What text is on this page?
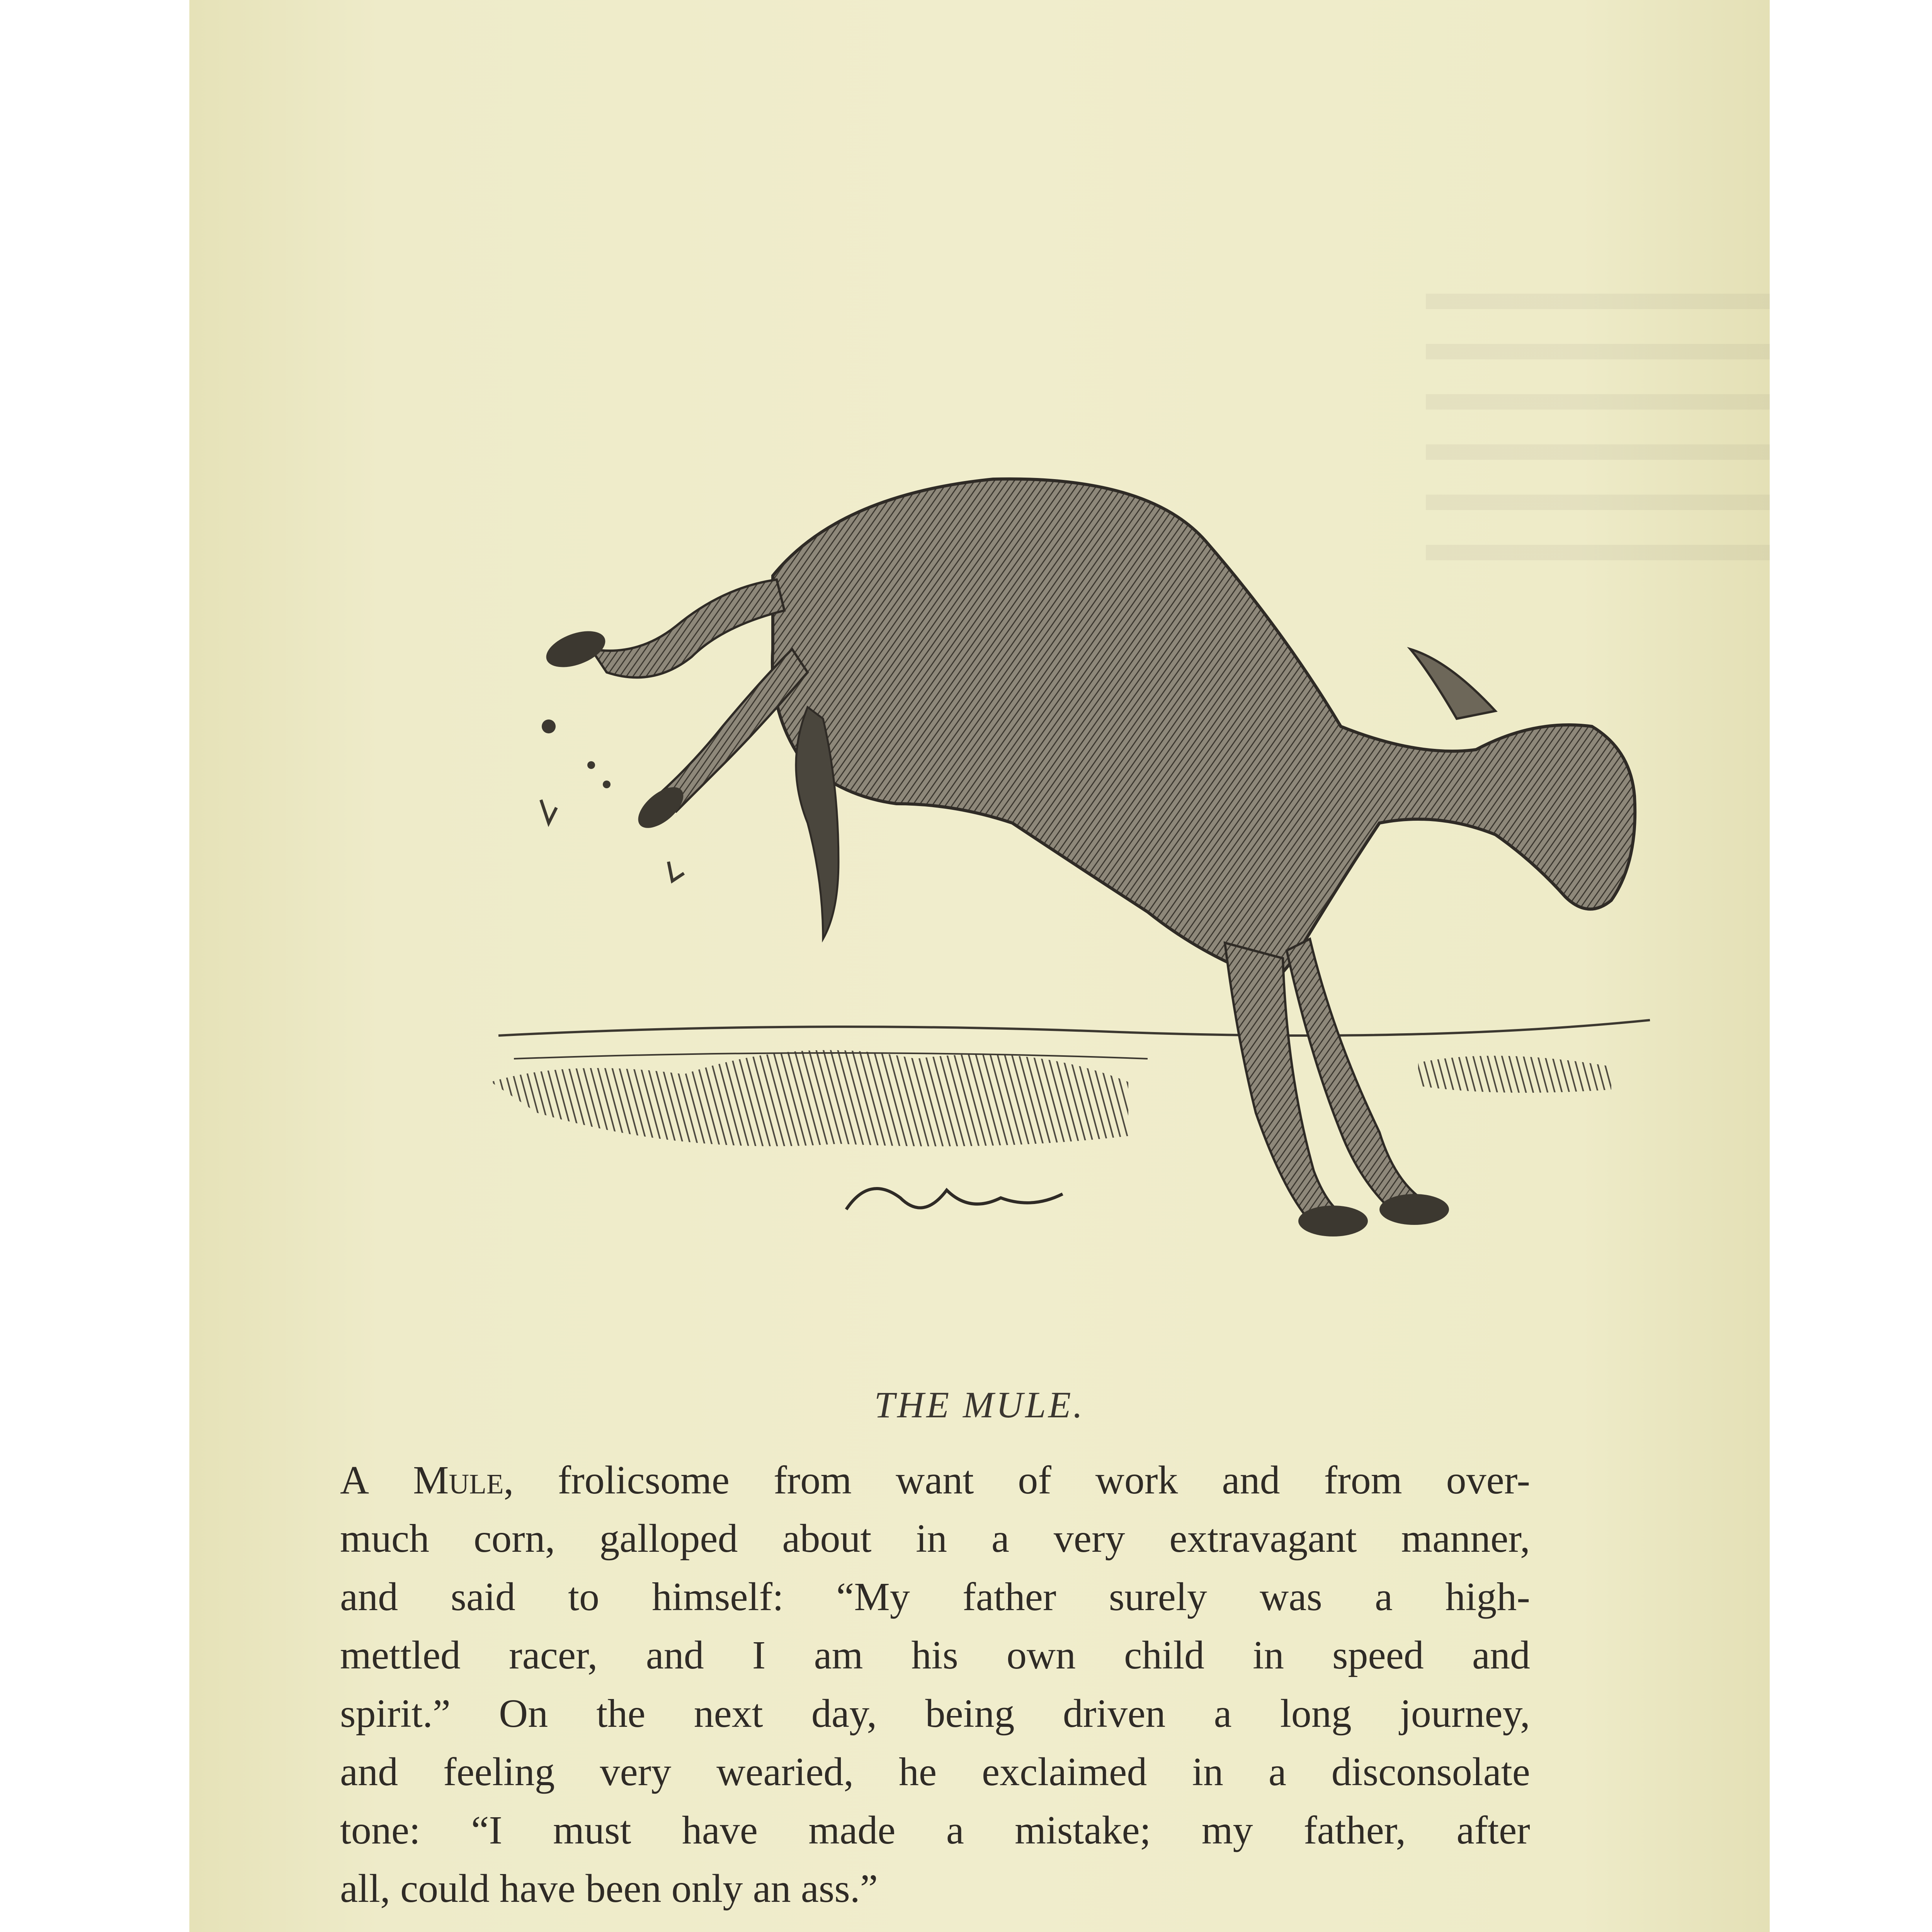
THE MULE.
A Mule, frolicsome from want of work and from over-
much corn, galloped about in a very extravagant manner,
and said to himself: “My father surely was a high-
mettled racer, and I am his own child in speed and
spirit.” On the next day, being driven a long journey,
and feeling very wearied, he exclaimed in a disconsolate
tone: “I must have made a mistake; my father, after
all, could have been only an ass.”
